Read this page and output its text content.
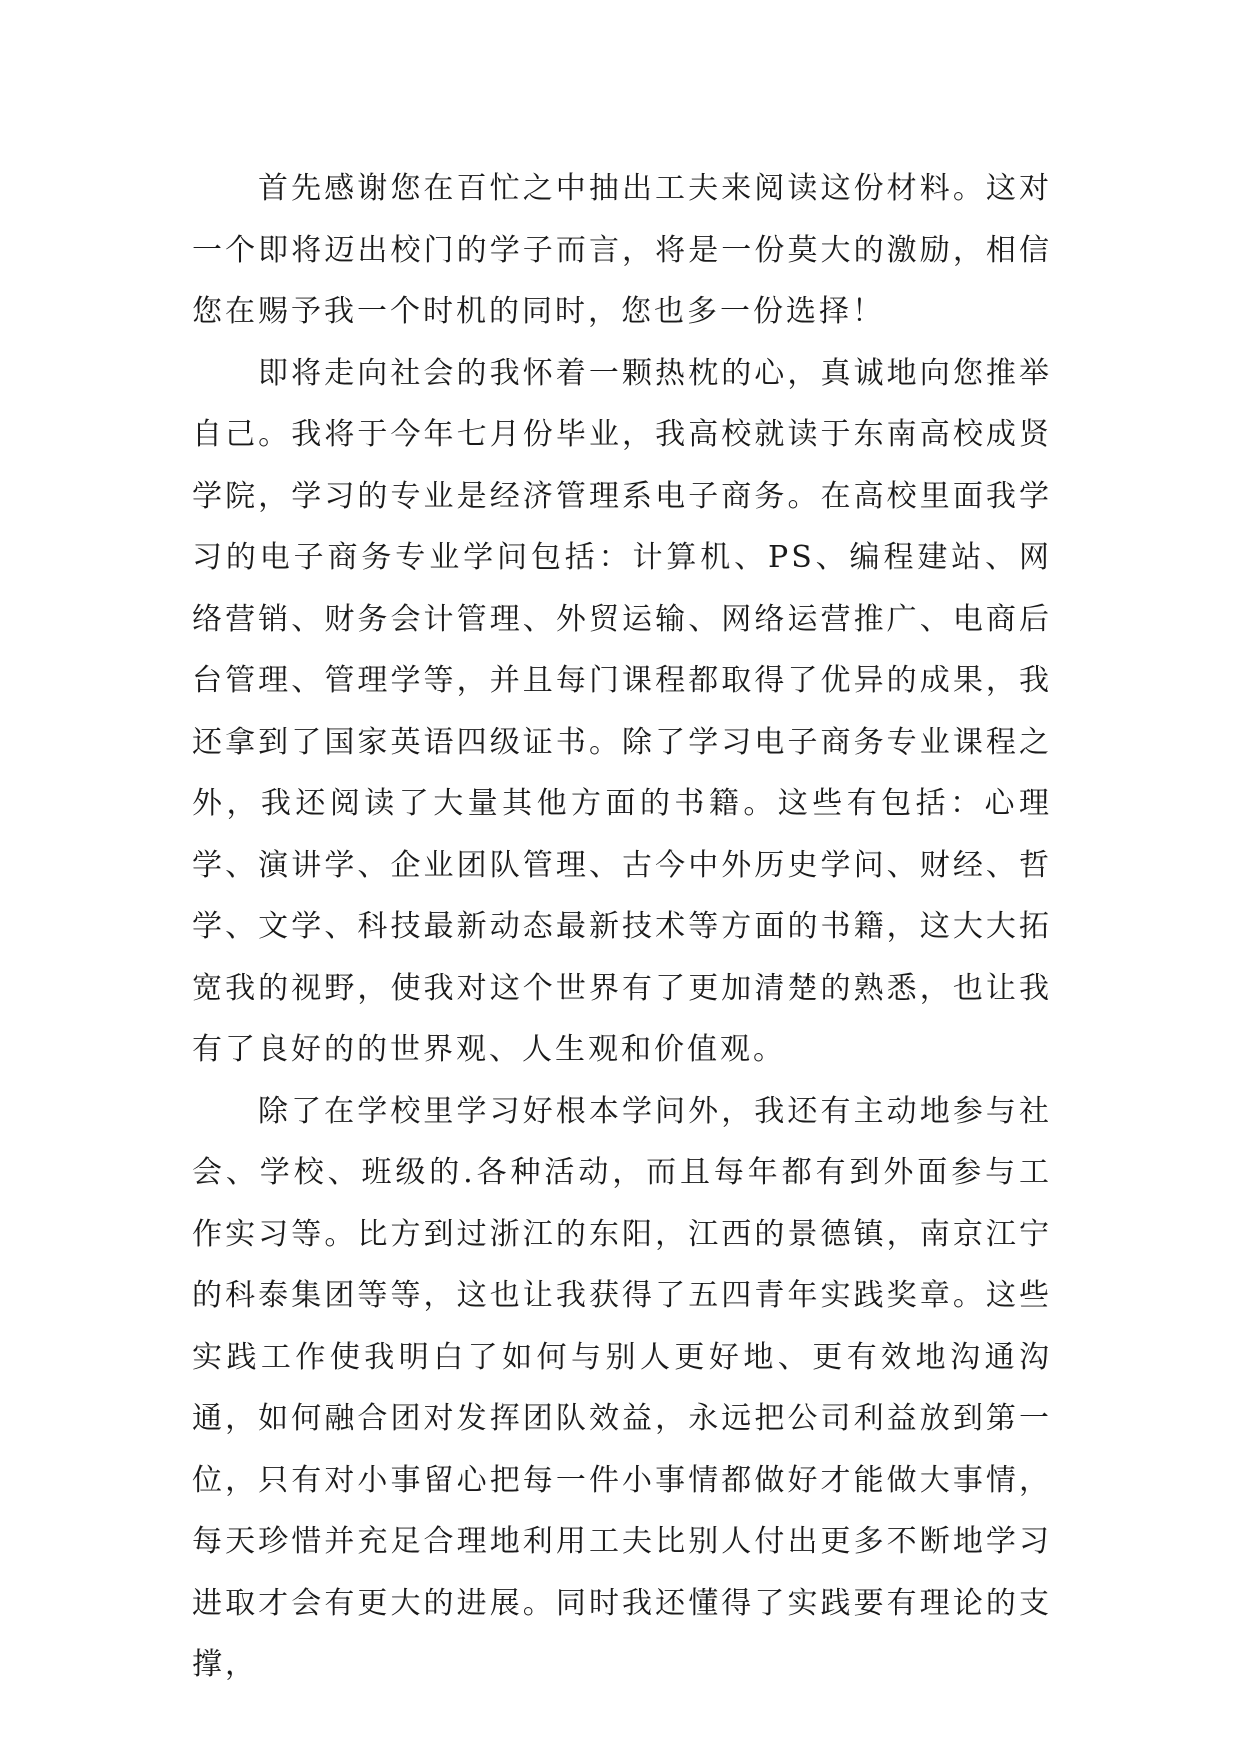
首先感谢您在百忙之中抽出工夫来阅读这份材料。这对一个即将迈出校门的学子而言，将是一份莫大的激励，相信您在赐予我一个时机的同时，您也多一份选择！

即将走向社会的我怀着一颗热枕的心，真诚地向您推举自己。我将于今年七月份毕业，我高校就读于东南高校成贤学院，学习的专业是经济管理系电子商务。在高校里面我学习的电子商务专业学问包括：计算机、PS、编程建站、网络营销、财务会计管理、外贸运输、网络运营推广、电商后台管理、管理学等，并且每门课程都取得了优异的成果，我还拿到了国家英语四级证书。除了学习电子商务专业课程之外，我还阅读了大量其他方面的书籍。这些有包括：心理学、演讲学、企业团队管理、古今中外历史学问、财经、哲学、文学、科技最新动态最新技术等方面的书籍，这大大拓宽我的视野，使我对这个世界有了更加清楚的熟悉，也让我有了良好的的世界观、人生观和价值观。

除了在学校里学习好根本学问外，我还有主动地参与社会、学校、班级的.各种活动，而且每年都有到外面参与工作实习等。比方到过浙江的东阳，江西的景德镇，南京江宁的科泰集团等等，这也让我获得了五四青年实践奖章。这些实践工作使我明白了如何与别人更好地、更有效地沟通沟通，如何融合团对发挥团队效益，永远把公司利益放到第一位，只有对小事留心把每一件小事情都做好才能做大事情，每天珍惜并充足合理地利用工夫比别人付出更多不断地学习进取才会有更大的进展。同时我还懂得了实践要有理论的支撑，
